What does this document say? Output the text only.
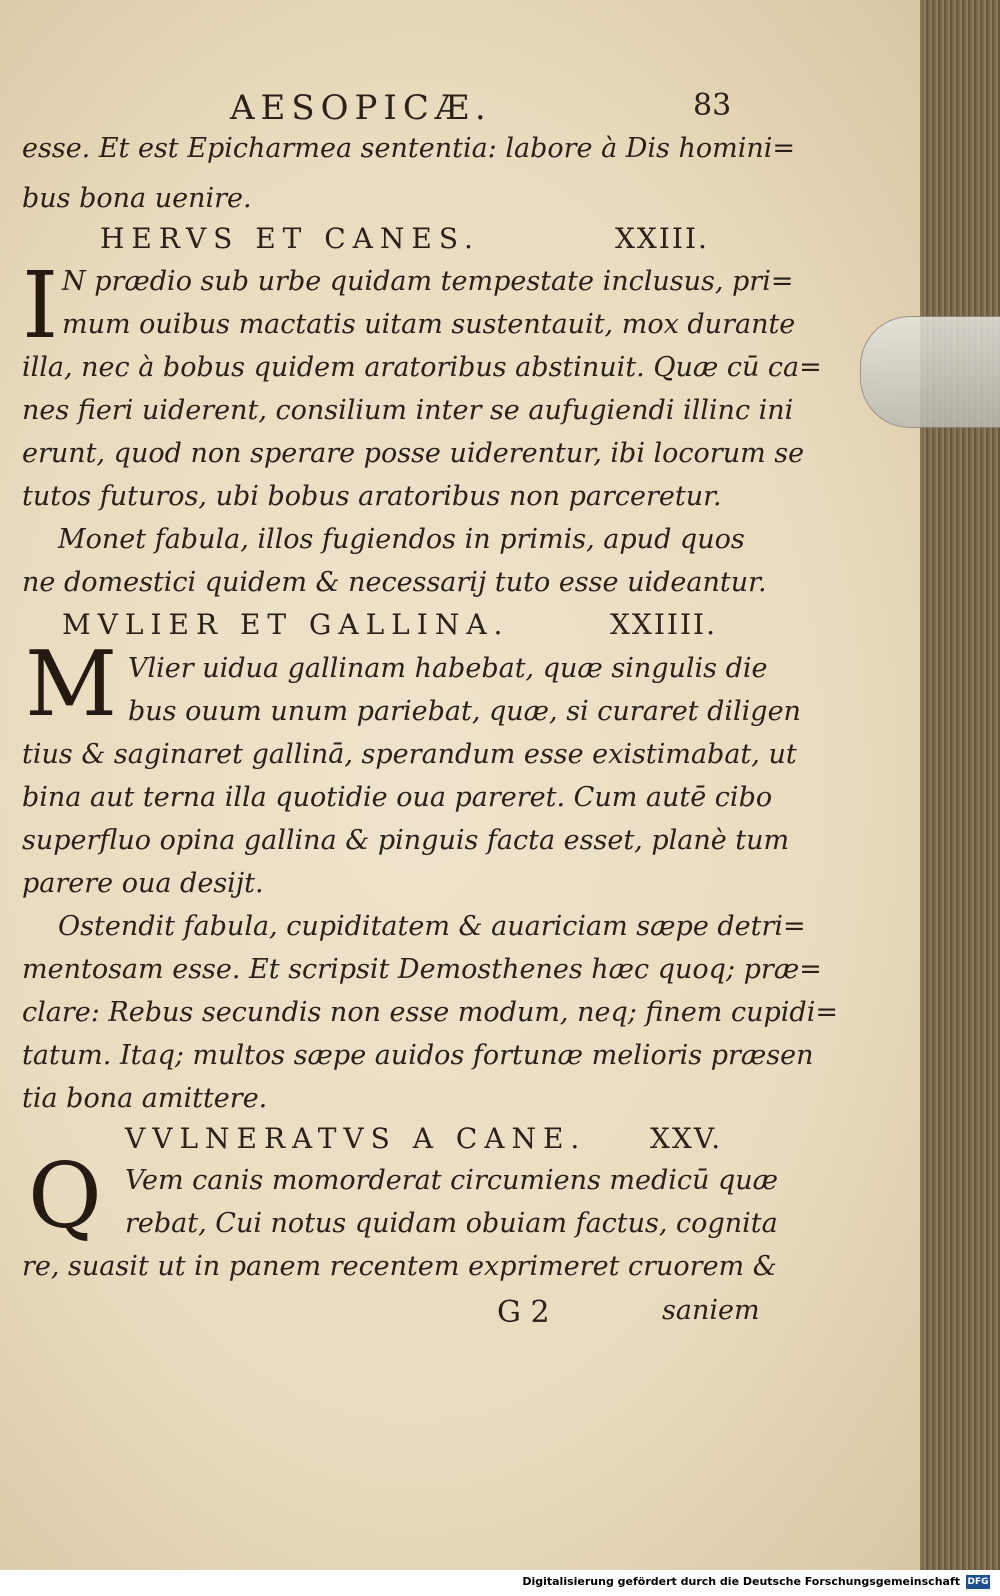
AESOPICÆ.	83
esse. Et est Epicharmea sententia: labore à Dis homini=
bus bona uenire.
HERVS ET CANES.	XXIII.
I N prædio sub urbe quidam tempestate inclusus, pri=
mum ouibus mactatis uitam sustentauit, mox durante
illa, nec à bobus quidem aratoribus abstinuit. Quæ cū ca=
nes fieri uiderent, consilium inter se aufugiendi illinc ini
erunt, quod non sperare posse uiderentur, ibi locorum se
tutos futuros, ubi bobus aratoribus non parceretur.
Monet fabula, illos fugiendos in primis, apud quos
ne domestici quidem & necessarij tuto esse uideantur.
MVLIER ET GALLINA.	XXIIII.
M Vlier uidua gallinam habebat, quæ singulis die
bus ouum unum pariebat, quæ, si curaret diligen
tius & saginaret gallinā, sperandum esse existimabat, ut
bina aut terna illa quotidie oua pareret. Cum autē cibo
superfluo opina gallina & pinguis facta esset, planè tum
parere oua desijt.
Ostendit fabula, cupiditatem & auariciam sæpe detri=
mentosam esse. Et scripsit Demosthenes hæc quoq; præ=
clare: Rebus secundis non esse modum, neq; finem cupidi=
tatum. Itaq; multos sæpe auidos fortunæ melioris præsen
tia bona amittere.
VVLNERATVS A CANE. XXV.
Q Vem canis momorderat circumiens medicū quæ
rebat, Cui notus quidam obuiam factus, cognita
re, suasit ut in panem recentem exprimeret cruorem &
G 2	saniem
Digitalisierung gefördert durch die Deutsche Forschungsgemeinschaft DFG
